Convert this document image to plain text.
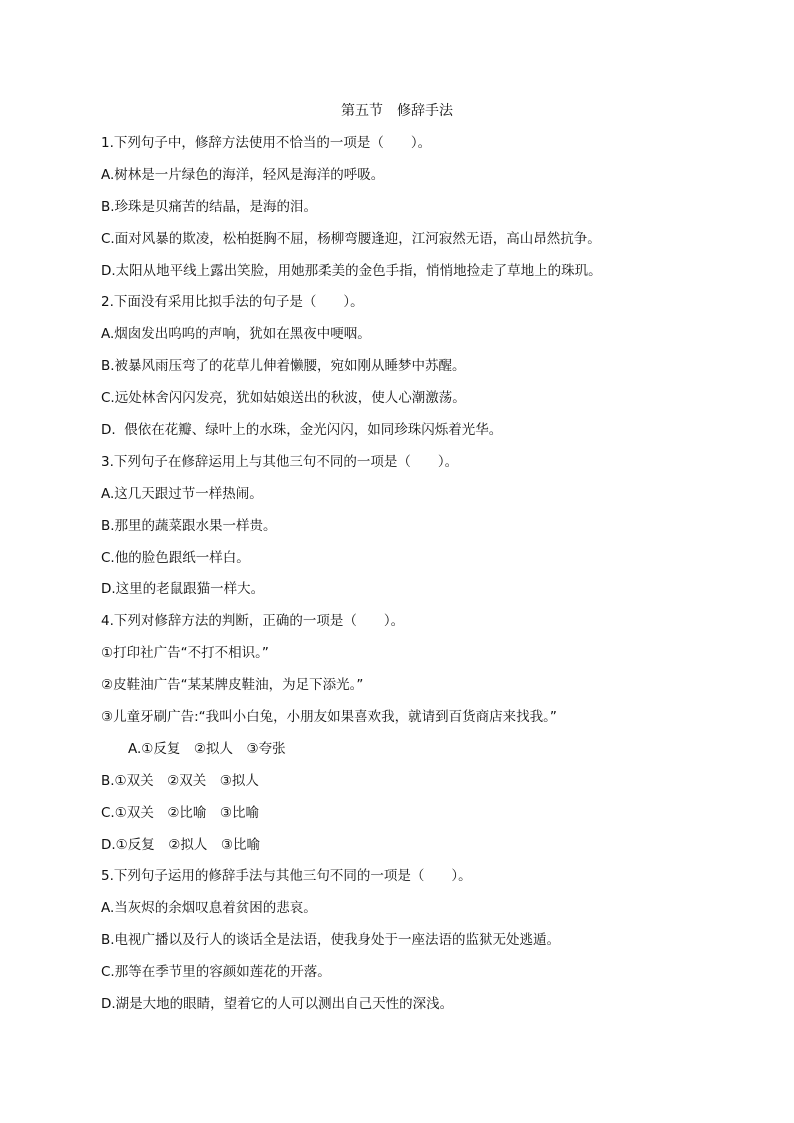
第五节　修辞手法
1.下列句子中，修辞方法使用不恰当的一项是（　　）。
A.树林是一片绿色的海洋，轻风是海洋的呼吸。
B.珍珠是贝痛苦的结晶，是海的泪。
C.面对风暴的欺凌，松柏挺胸不屈，杨柳弯腰逢迎，江河寂然无语，高山昂然抗争。
D.太阳从地平线上露出笑脸，用她那柔美的金色手指，悄悄地捡走了草地上的珠玑。
2.下面没有采用比拟手法的句子是（　　）。
A.烟囱发出呜呜的声响，犹如在黑夜中哽咽。
B.被暴风雨压弯了的花草儿伸着懒腰，宛如刚从睡梦中苏醒。
C.远处林舍闪闪发亮，犹如姑娘送出的秋波，使人心潮激荡。
D.  偎依在花瓣、绿叶上的水珠，金光闪闪，如同珍珠闪烁着光华。
3.下列句子在修辞运用上与其他三句不同的一项是（　　）。
A.这几天跟过节一样热闹。
B.那里的蔬菜跟水果一样贵。
C.他的脸色跟纸一样白。
D.这里的老鼠跟猫一样大。
4.下列对修辞方法的判断，正确的一项是（　　）。
①打印社广告“不打不相识。”
②皮鞋油广告“某某牌皮鞋油，为足下添光。”
③儿童牙刷广告:“我叫小白兔，小朋友如果喜欢我，就请到百货商店来找我。”
A.①反复　②拟人　③夸张
B.①双关　②双关　③拟人
C.①双关　②比喻　③比喻
D.①反复　②拟人　③比喻
5.下列句子运用的修辞手法与其他三句不同的一项是（　　）。
A.当灰烬的余烟叹息着贫困的悲哀。
B.电视广播以及行人的谈话全是法语，使我身处于一座法语的监狱无处逃遁。
C.那等在季节里的容颜如莲花的开落。
D.湖是大地的眼睛，望着它的人可以测出自己天性的深浅。
